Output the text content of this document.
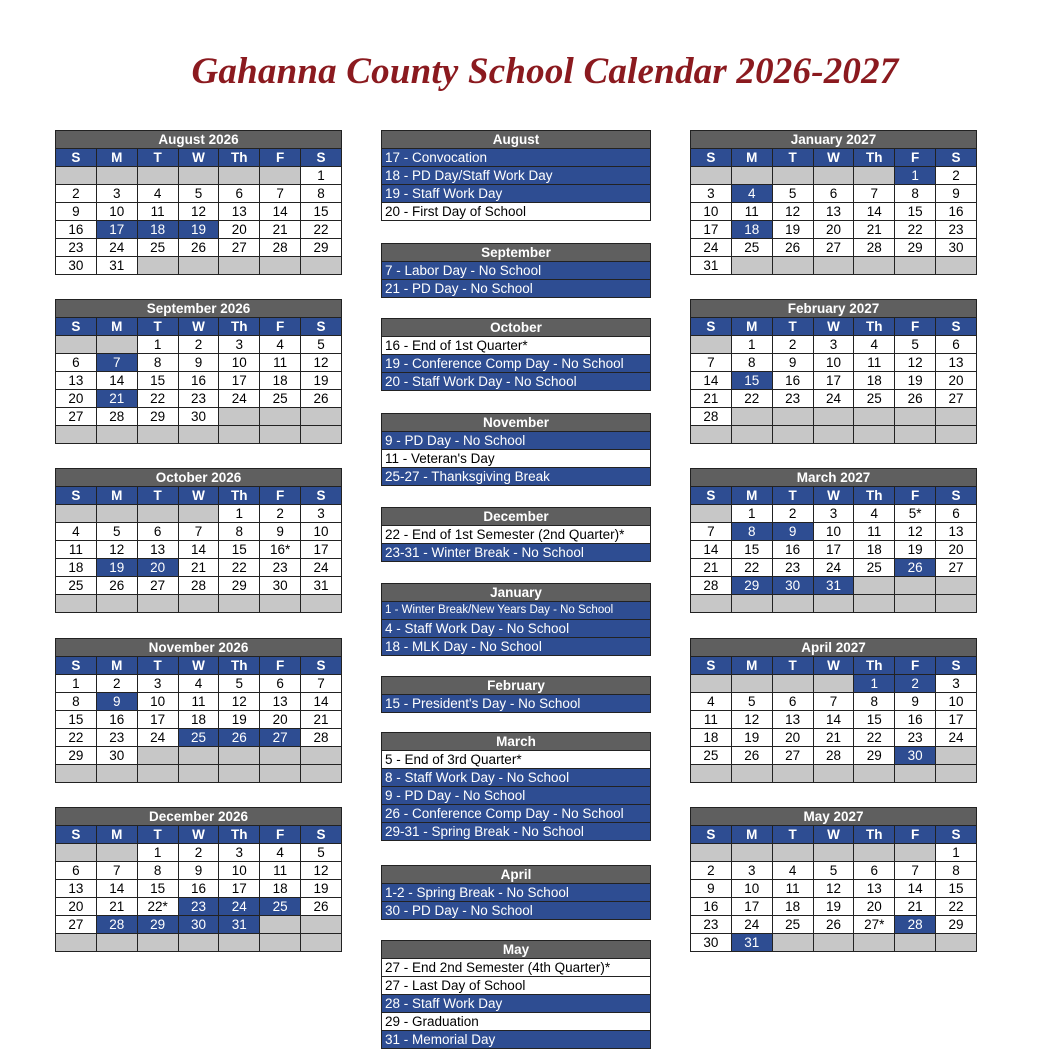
Gahanna County School Calendar 2026-2027
August 2026						
S	M	T	W	Th	F	S
						1
2	3	4	5	6	7	8
9	10	11	12	13	14	15
16	17	18	19	20	21	22
23	24	25	26	27	28	29
30	31					
September 2026						
S	M	T	W	Th	F	S
		1	2	3	4	5
6	7	8	9	10	11	12
13	14	15	16	17	18	19
20	21	22	23	24	25	26
27	28	29	30			

October 2026						
S	M	T	W	Th	F	S
				1	2	3
4	5	6	7	8	9	10
11	12	13	14	15	16*	17
18	19	20	21	22	23	24
25	26	27	28	29	30	31

November 2026						
S	M	T	W	Th	F	S
1	2	3	4	5	6	7
8	9	10	11	12	13	14
15	16	17	18	19	20	21
22	23	24	25	26	27	28
29	30					

December 2026						
S	M	T	W	Th	F	S
		1	2	3	4	5
6	7	8	9	10	11	12
13	14	15	16	17	18	19
20	21	22*	23	24	25	26
27	28	29	30	31		

January 2027						
S	M	T	W	Th	F	S
					1	2
3	4	5	6	7	8	9
10	11	12	13	14	15	16
17	18	19	20	21	22	23
24	25	26	27	28	29	30
31						
February 2027						
S	M	T	W	Th	F	S
	1	2	3	4	5	6
7	8	9	10	11	12	13
14	15	16	17	18	19	20
21	22	23	24	25	26	27
28						

March 2027						
S	M	T	W	Th	F	S
	1	2	3	4	5*	6
7	8	9	10	11	12	13
14	15	16	17	18	19	20
21	22	23	24	25	26	27
28	29	30	31			

April 2027						
S	M	T	W	Th	F	S
				1	2	3
4	5	6	7	8	9	10
11	12	13	14	15	16	17
18	19	20	21	22	23	24
25	26	27	28	29	30	

May 2027						
S	M	T	W	Th	F	S
						1
2	3	4	5	6	7	8
9	10	11	12	13	14	15
16	17	18	19	20	21	22
23	24	25	26	27*	28	29
30	31					
August
17 - Convocation
18 - PD Day/Staff Work Day
19 - Staff Work Day
20 - First Day of School
September
7 - Labor Day - No School
21 - PD Day - No School
October
16 - End of 1st Quarter*
19 - Conference Comp Day - No School
20 - Staff Work Day - No School
November
9 - PD Day - No School
11 - Veteran's Day
25-27 - Thanksgiving Break
December
22 - End of 1st Semester (2nd Quarter)*
23-31 - Winter Break - No School
January
1 - Winter Break/New Years Day - No School
4 - Staff Work Day - No School
18 - MLK Day - No School
February
15 - President's Day - No School
March
5 - End of 3rd Quarter*
8 - Staff Work Day - No School
9 - PD Day - No School
26 - Conference Comp Day - No School
29-31 - Spring Break - No School
April
1-2 - Spring Break - No School
30 - PD Day - No School
May
27 - End 2nd Semester (4th Quarter)*
27 - Last Day of School
28 - Staff Work Day
29 - Graduation
31 - Memorial Day
